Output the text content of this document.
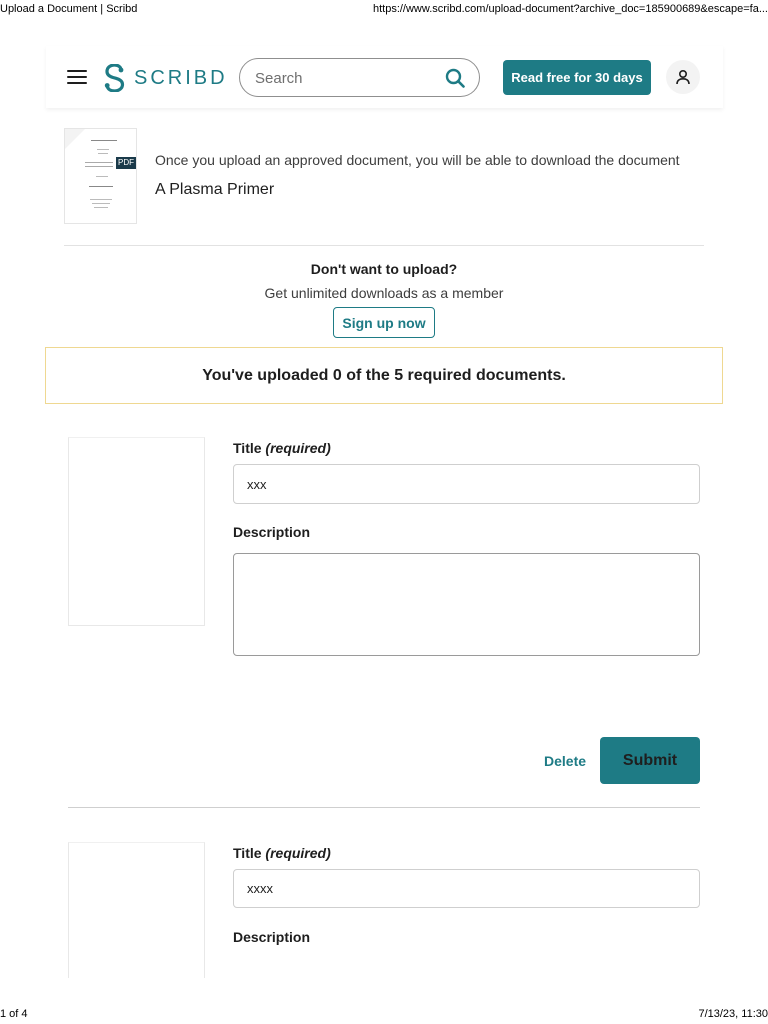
Upload a Document | Scribd	https://www.scribd.com/upload-document?archive_doc=185900689&escape=fa...
SCRIBD
Search	Read free for 30 days
PDF Once you upload an approved document, you will be able to download the document
A Plasma Primer
Don't want to upload?
Get unlimited downloads as a member
Sign up now
You've uploaded 0 of the 5 required documents.
Title (required)
xxx
Description
Delete	Submit
Title (required)
xxxx
Description
1 of 4	7/13/23, 11:30
